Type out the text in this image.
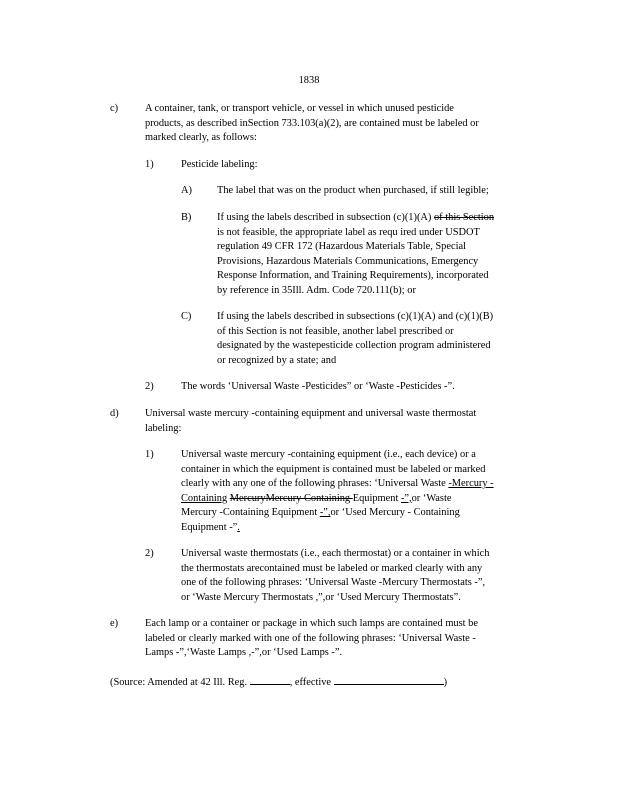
1838
c)	A container, tank, or transport vehicle, or vessel in which unused pesticide
products, as described inSection 733.103(a)(2), are contained must be labeled or
marked clearly, as follows:
1)	Pesticide labeling:
A) The label that was on the product when purchased, if still legible;
B) If using the labels described in subsection (c)(1)(A) of this Section
is not feasible, the appropriate label as requ ired under USDOT
regulation 49 CFR 172 (Hazardous Materials Table, Special
Provisions, Hazardous Materials Communications, Emergency
Response Information, and Training Requirements), incorporated
by reference in 35Ill. Adm. Code 720.111(b); or
C) If using the labels described in subsections (c)(1)(A) and (c)(1)(B)
of this Section is not feasible, another label prescribed or
designated by the wastepesticide collection program administered
or recognized by a state; and
2)	The words ‘Universal Waste -Pesticides” or ‘Waste -Pesticides -”.
d)	Universal waste mercury -containing equipment and universal waste thermostat
labeling:
1)	Universal waste mercury -containing equipment (i.e., each device) or a
container in which the equipment is contained must be labeled or marked
clearly with any one of the following phrases: ‘Universal Waste -Mercury -
Containing MercuryMercury Containing Equipment -”,or ‘Waste
Mercury -Containing Equipment -”,or ‘Used Mercury - Containing
Equipment -”.
2)	Universal waste thermostats (i.e., each thermostat) or a container in which
the thermostats arecontained must be labeled or marked clearly with any
one of the following phrases: ‘Universal Waste -Mercury Thermostats -”,
or ‘Waste Mercury Thermostats ,”,or ‘Used Mercury Thermostats”.
e)	Each lamp or a container or package in which such lamps are contained must be
labeled or clearly marked with one of the following phrases: ‘Universal Waste -
Lamps -”,‘Waste Lamps ,-”,or ‘Used Lamps -”.
(Source: Amended at 42 Ill. Reg.	, effective	)
